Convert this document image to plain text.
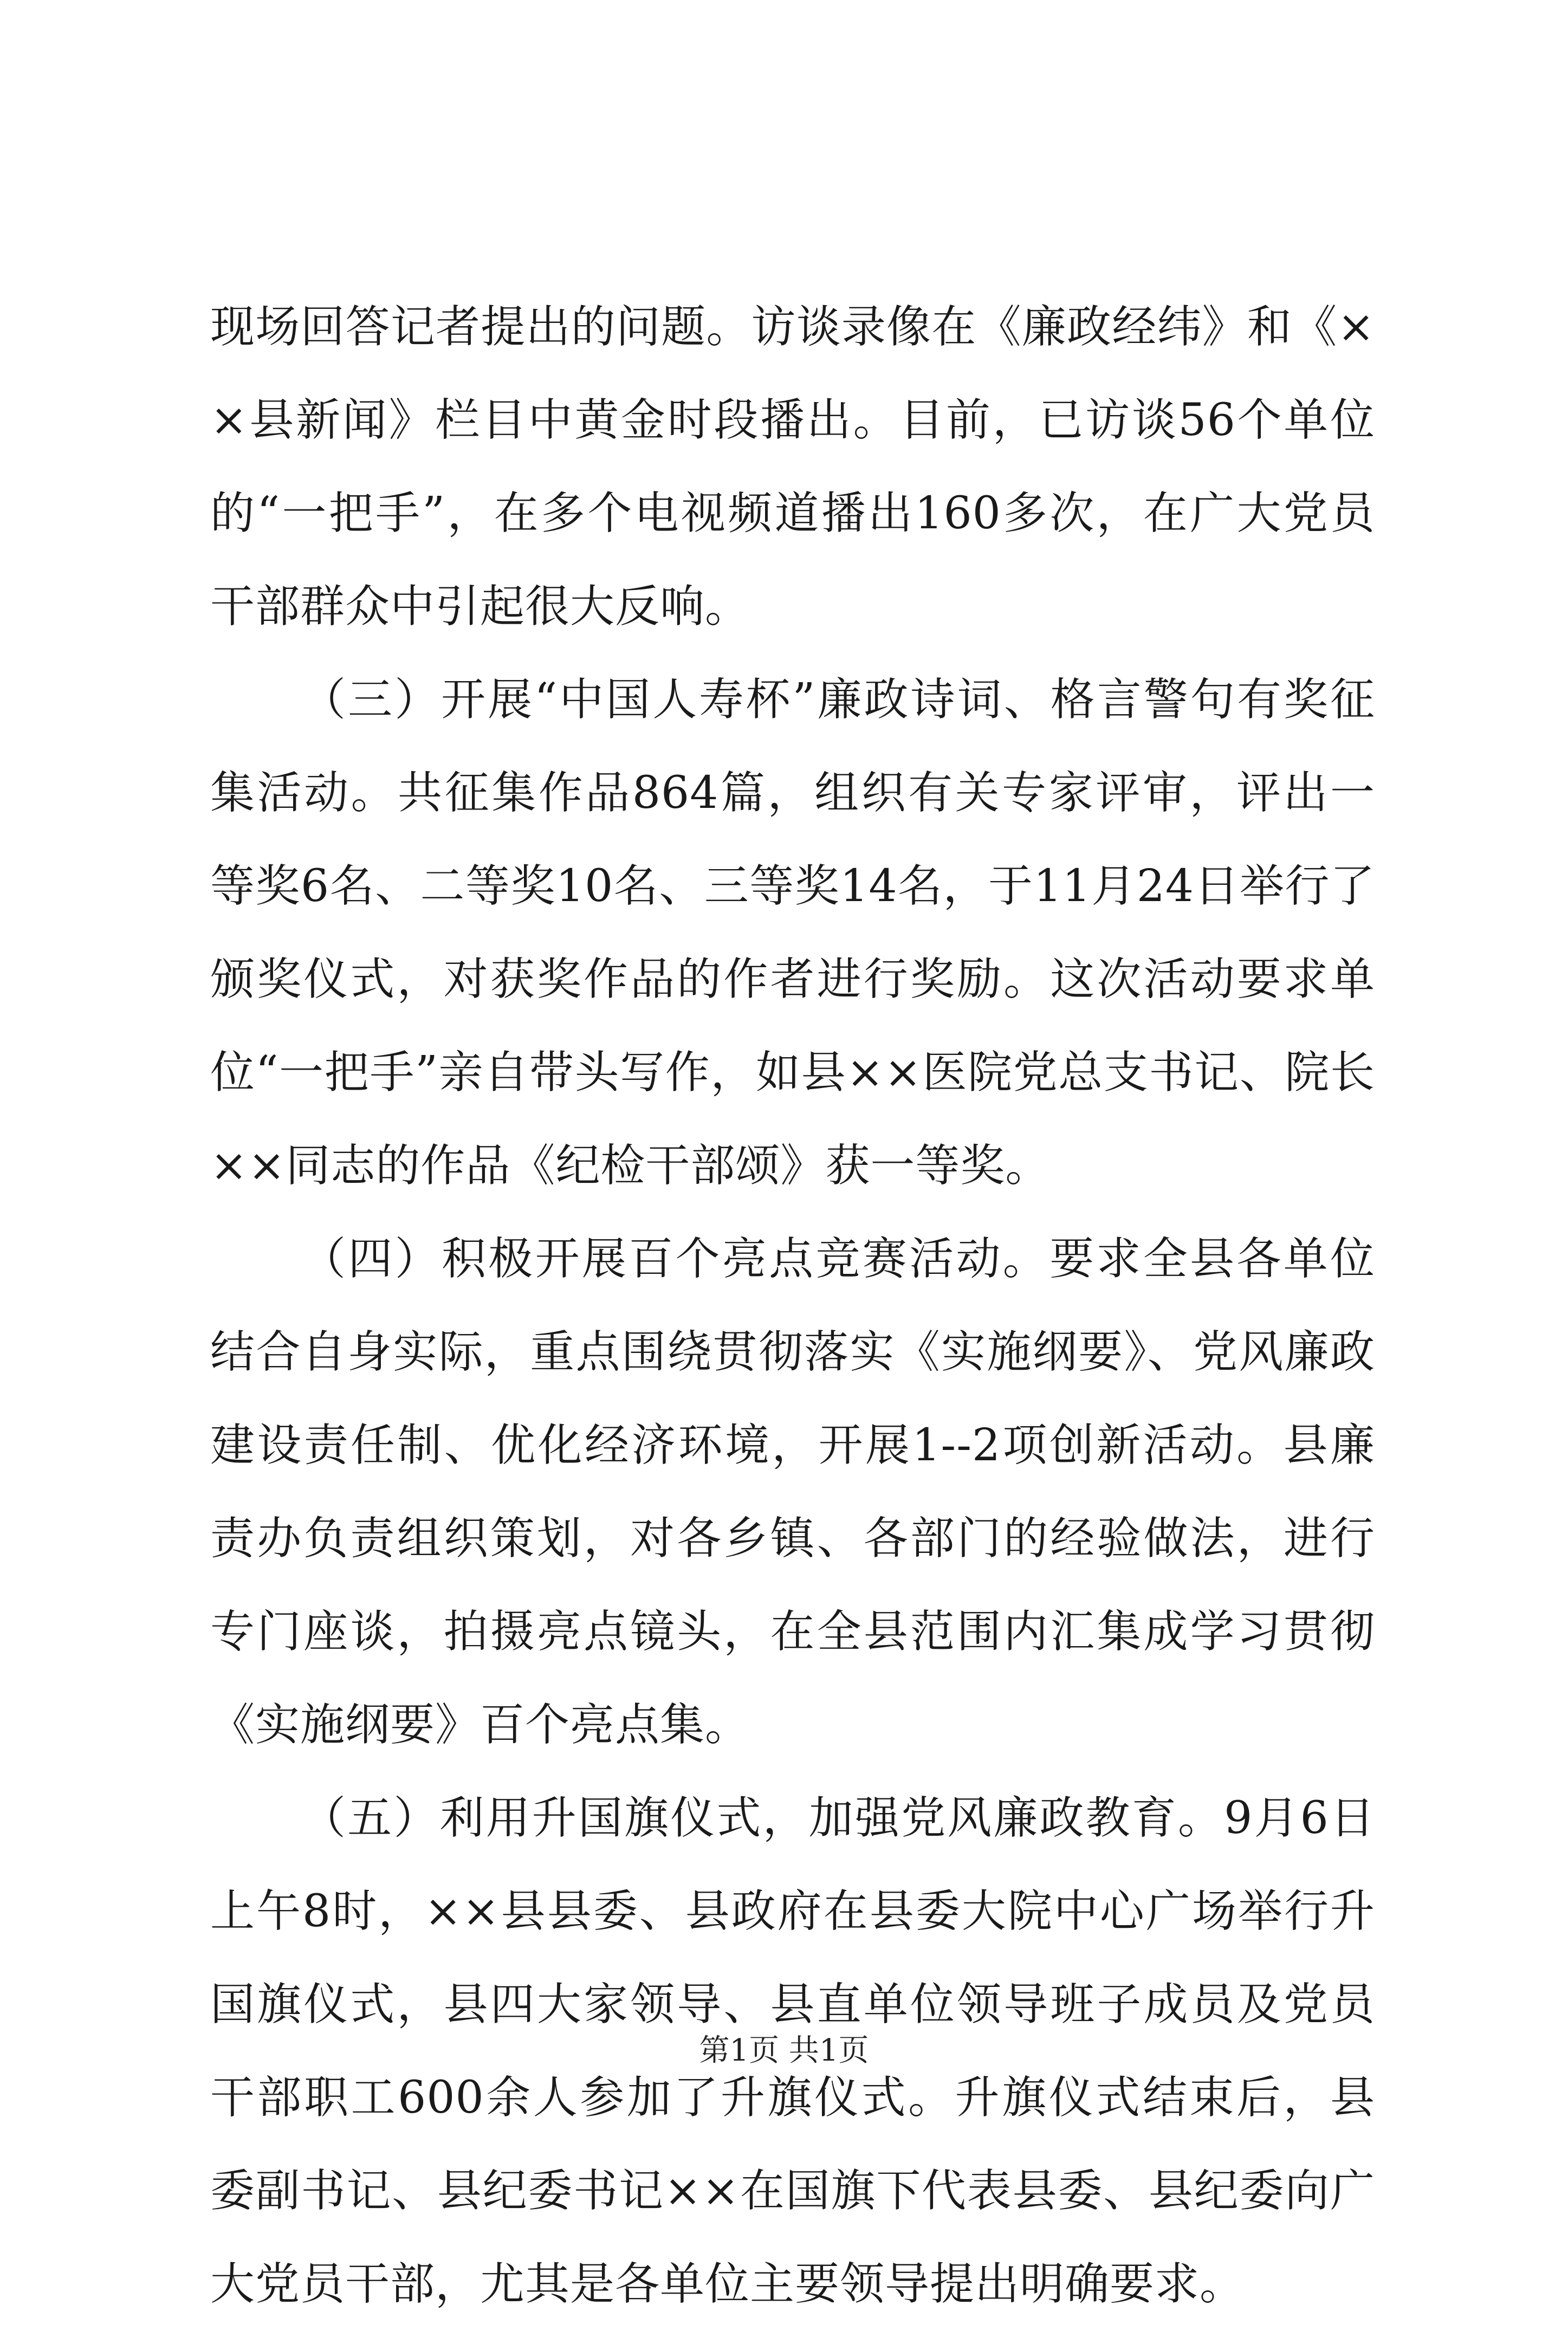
现场回答记者提出的问题。访谈录像在《廉政经纬》和《××县新闻》栏目中黄金时段播出。目前，已访谈56个单位的“一把手”，在多个电视频道播出160多次，在广大党员干部群众中引起很大反响。

（三）开展“中国人寿杯”廉政诗词、格言警句有奖征集活动。共征集作品864篇，组织有关专家评审，评出一等奖6名、二等奖10名、三等奖14名，于11月24日举行了颁奖仪式，对获奖作品的作者进行奖励。这次活动要求单位“一把手”亲自带头写作，如县××医院党总支书记、院长××同志的作品《纪检干部颂》获一等奖。

（四）积极开展百个亮点竞赛活动。要求全县各单位结合自身实际，重点围绕贯彻落实《实施纲要》、党风廉政建设责任制、优化经济环境，开展1--2项创新活动。县廉责办负责组织策划，对各乡镇、各部门的经验做法，进行专门座谈，拍摄亮点镜头，在全县范围内汇集成学习贯彻《实施纲要》百个亮点集。

（五）利用升国旗仪式，加强党风廉政教育。9月6日上午8时，××县县委、县政府在县委大院中心广场举行升国旗仪式，县四大家领导、县直单位领导班子成员及党员干部职工600余人参加了升旗仪式。升旗仪式结束后，县委副书记、县纪委书记××在国旗下代表县委、县纪委向广大党员干部，尤其是各单位主要领导提出明确要求。

第1页 共1页
